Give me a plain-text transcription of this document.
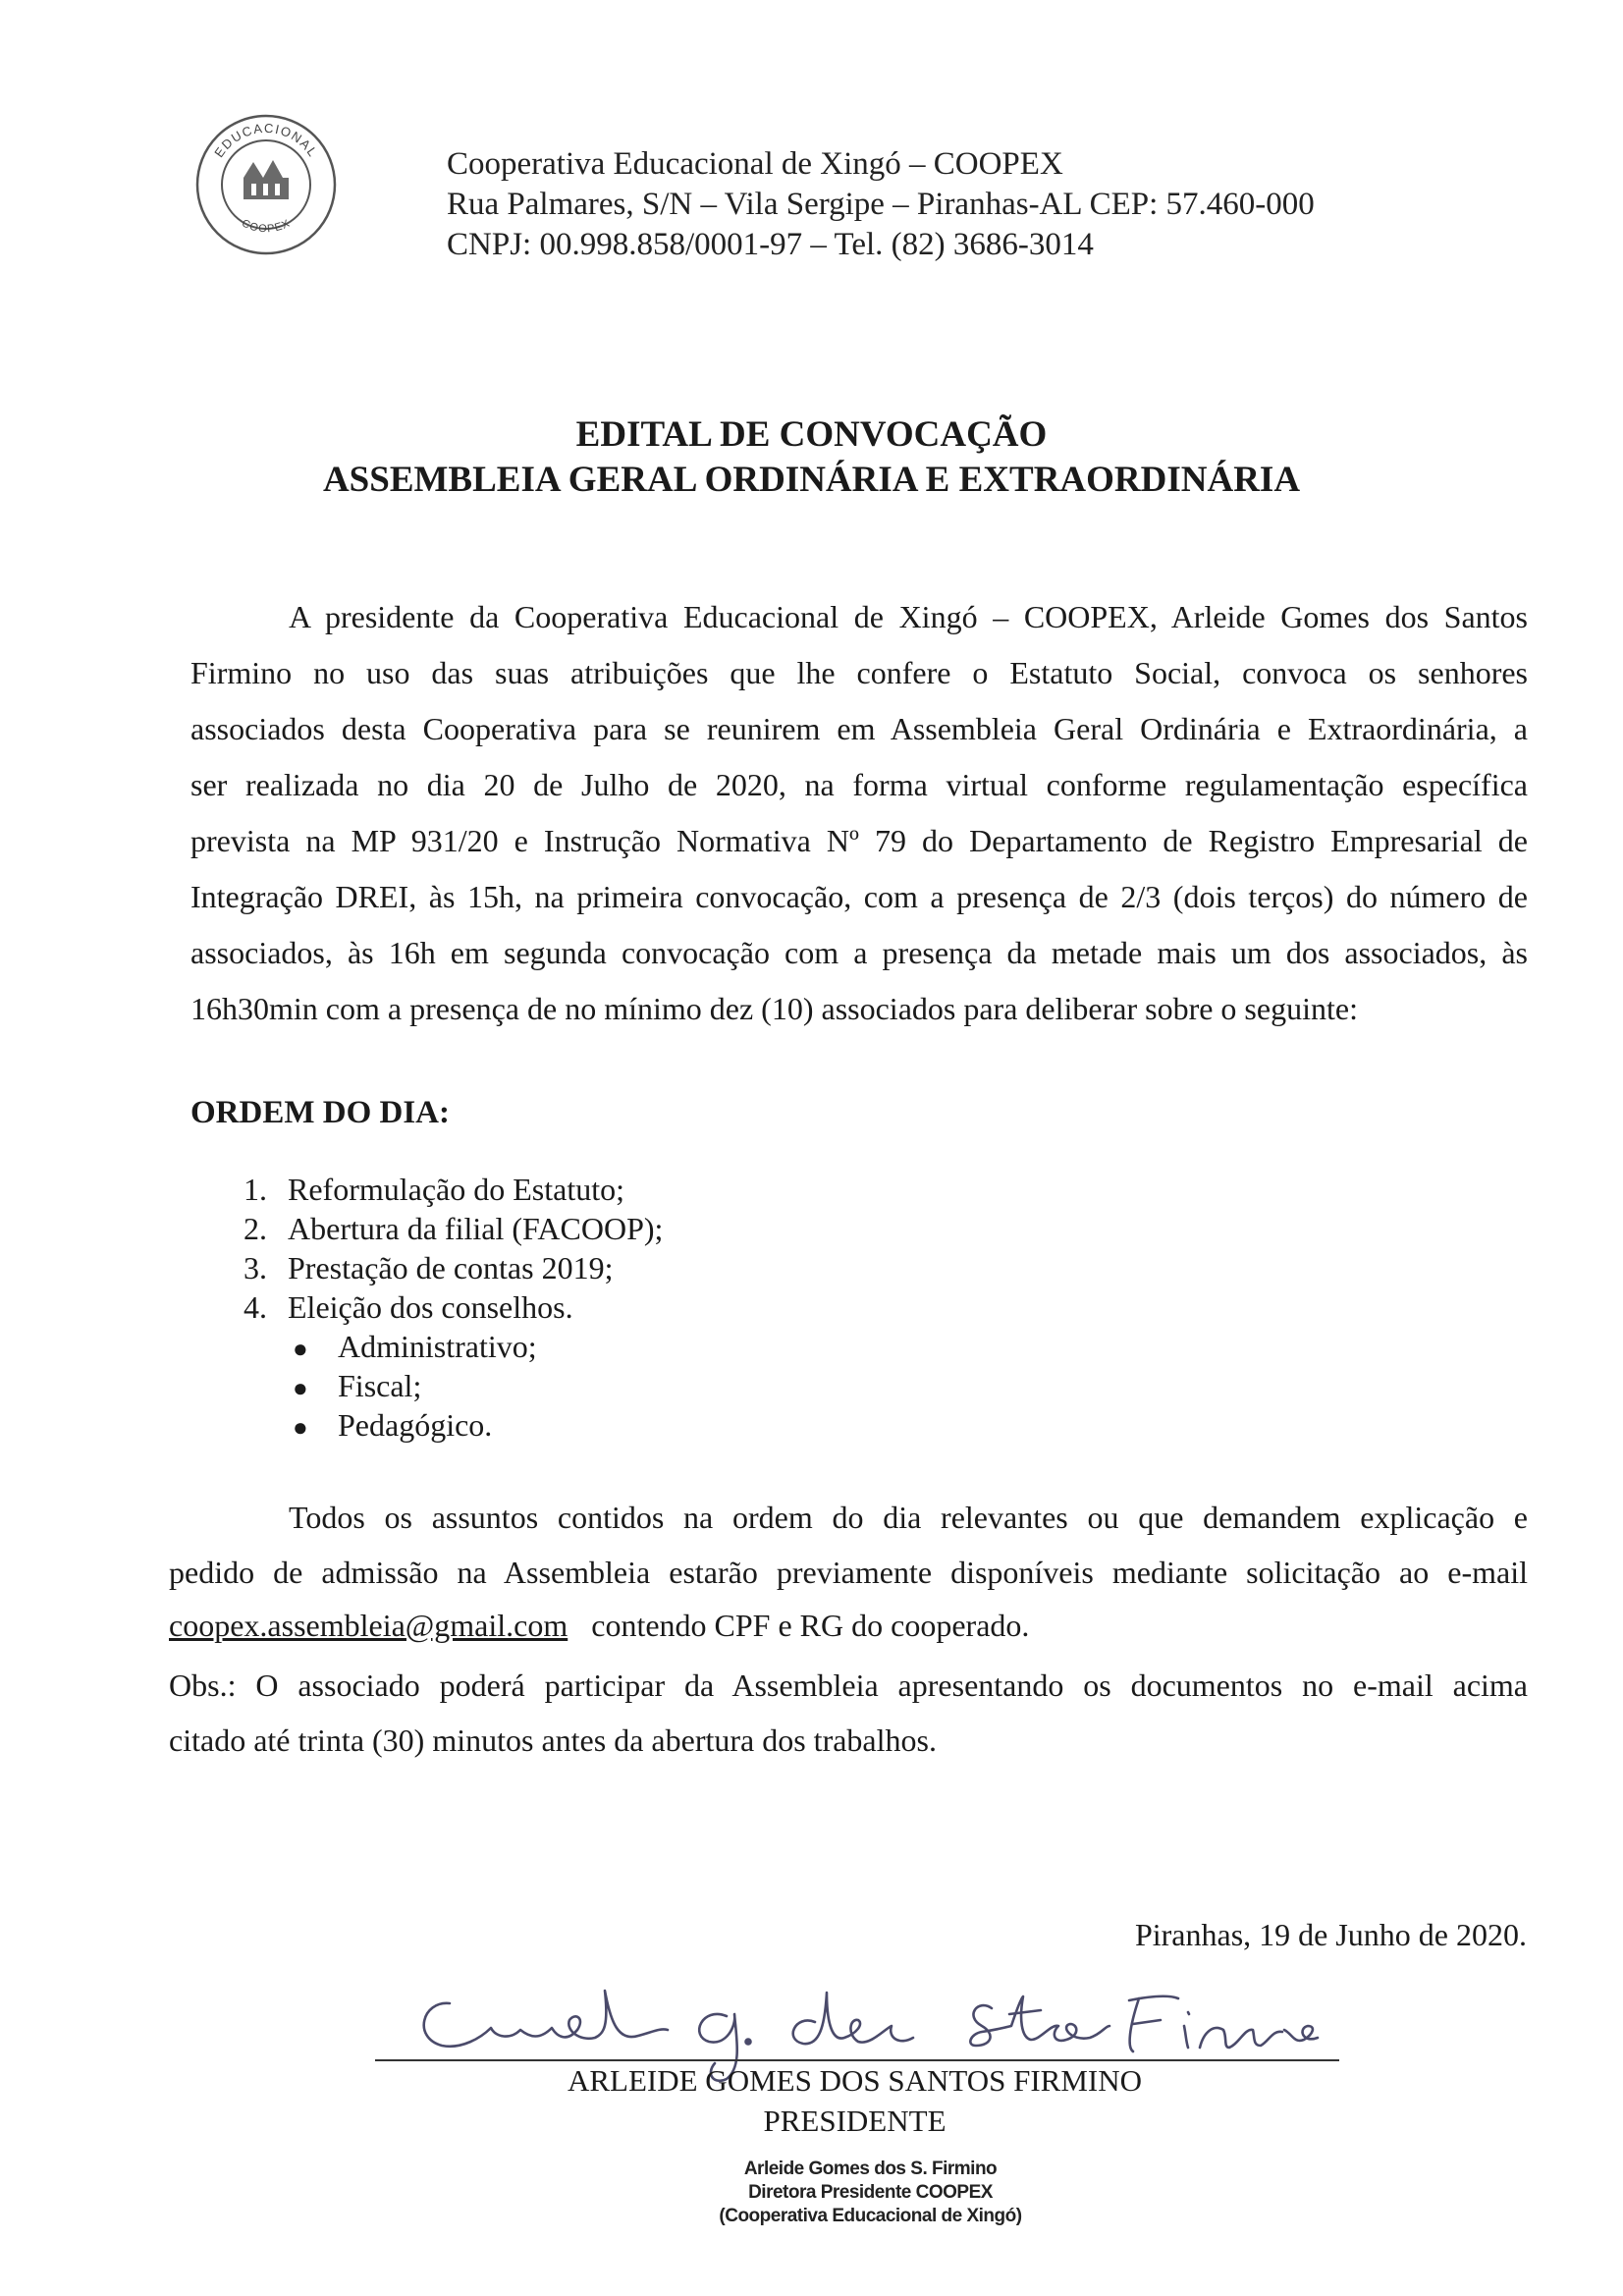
EDUCACIONAL
COOPEX
Cooperativa Educacional de Xingó – COOPEX
Rua Palmares, S/N – Vila Sergipe – Piranhas-AL CEP: 57.460-000
CNPJ: 00.998.858/0001-97 – Tel. (82) 3686-3014
EDITAL DE CONVOCAÇÃO
ASSEMBLEIA GERAL ORDINÁRIA E EXTRAORDINÁRIA
A presidente da Cooperativa Educacional de Xingó – COOPEX, Arleide Gomes dos Santos
Firmino no uso das suas atribuições que lhe confere o Estatuto Social, convoca os senhores
associados desta Cooperativa para se reunirem em Assembleia Geral Ordinária e Extraordinária, a
ser realizada no dia 20 de Julho de 2020, na forma virtual conforme regulamentação específica
prevista na MP 931/20 e Instrução Normativa Nº 79 do Departamento de Registro Empresarial de
Integração DREI, às 15h, na primeira convocação, com a presença de 2/3 (dois terços) do número de
associados, às 16h em segunda convocação com a presença da metade mais um dos associados, às
16h30min com a presença de no mínimo dez (10) associados para deliberar sobre o seguinte:
ORDEM DO DIA:
1. Reformulação do Estatuto;
2. Abertura da filial (FACOOP);
3. Prestação de contas 2019;
4. Eleição dos conselhos.
● Administrativo;
● Fiscal;
● Pedagógico.
Todos os assuntos contidos na ordem do dia relevantes ou que demandem explicação e
pedido de admissão na Assembleia estarão previamente disponíveis mediante solicitação ao e-mail
coopex.assembleia@gmail.com contendo CPF e RG do cooperado.
Obs.: O associado poderá participar da Assembleia apresentando os documentos no e-mail acima
citado até trinta (30) minutos antes da abertura dos trabalhos.
Piranhas, 19 de Junho de 2020.
ARLEIDE GOMES DOS SANTOS FIRMINO
PRESIDENTE
Arleide Gomes dos S. Firmino
Diretora Presidente COOPEX
(Cooperativa Educacional de Xingó)
